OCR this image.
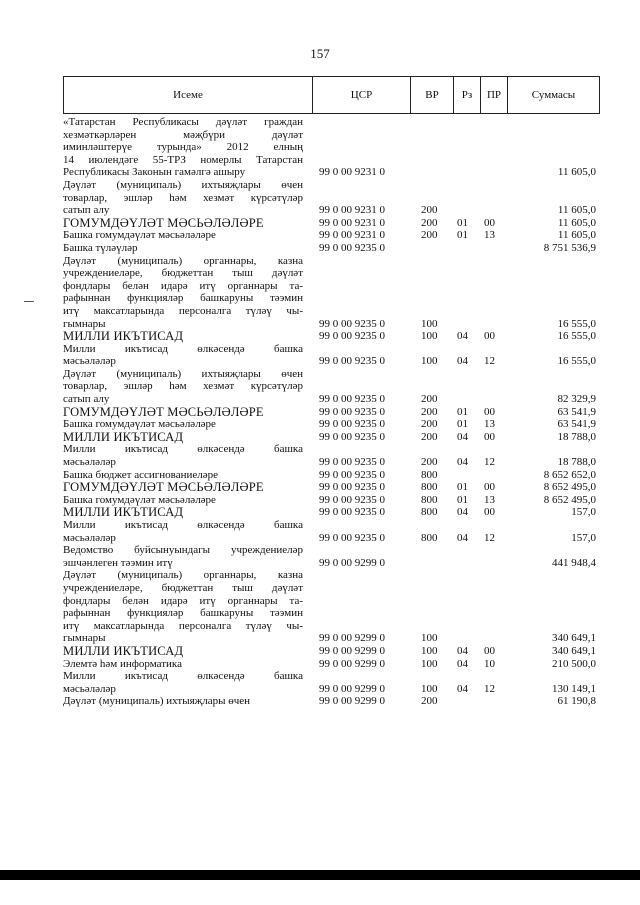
157
Исеме	ЦСР	ВР	Рз	ПР	Суммасы
«Татарстан Республикасы дәүләт граждан
хезмәткәрләрен мәҗбүри дәүләт
иминләштерүе турында» 2012 елның
14 июлендәге 55-ТРЗ номерлы Татарстан
Республикасы Законын гамәлгә ашыру	99 0 00 9231 0	11 605,0
Дәүләт (муниципаль) ихтыяҗлары өчен
товарлар, эшләр һәм хезмәт күрсәтүләр
сатып алу	99 0 00 9231 0	200	11 605,0
ГОМУМДӘҮЛӘТ МӘСЬӘЛӘЛӘРЕ	99 0 00 9231 0	200 01 00	11 605,0
Башка гомумдәүләт мәсьәләләре	99 0 00 9231 0	200 01 13	11 605,0
Башка түләүләр	99 0 00 9235 0	8 751 536,9
Дәүләт (муниципаль) органнары, казна
учреждениеләре, бюджеттан тыш дәүләт
фондлары белән идарә итү органнары та-
рафыннан функцияләр башкаруны тәэмин
итү максатларында персоналга түләү чы-
гымнары	99 0 00 9235 0	100	16 555,0
МИЛЛИ ИКЪТИСАД	99 0 00 9235 0	100 04 00	16 555,0
Милли икътисад өлкәсендә башка
мәсьәләләр	99 0 00 9235 0	100 04 12	16 555,0
Дәүләт (муниципаль) ихтыяҗлары өчен
товарлар, эшләр һәм хезмәт күрсәтүләр
сатып алу	99 0 00 9235 0	200	82 329,9
ГОМУМДӘҮЛӘТ МӘСЬӘЛӘЛӘРЕ	99 0 00 9235 0	200 01 00	63 541,9
Башка гомумдәүләт мәсьәләләре	99 0 00 9235 0	200 01 13	63 541,9
МИЛЛИ ИКЪТИСАД	99 0 00 9235 0	200 04 00	18 788,0
Милли икътисад өлкәсендә башка
мәсьәләләр	99 0 00 9235 0	200 04 12	18 788,0
Башка бюджет ассигнованиеләре	99 0 00 9235 0	800	8 652 652,0
ГОМУМДӘҮЛӘТ МӘСЬӘЛӘЛӘРЕ	99 0 00 9235 0	800 01 00	8 652 495,0
Башка гомумдәүләт мәсьәләләре	99 0 00 9235 0	800 01 13	8 652 495,0
МИЛЛИ ИКЪТИСАД	99 0 00 9235 0	800 04 00	157,0
Милли икътисад өлкәсендә башка
мәсьәләләр	99 0 00 9235 0	800 04 12	157,0
Ведомство буйсынуындагы учреждениеләр
эшчәнлеген тәэмин итү	99 0 00 9299 0	441 948,4
Дәүләт (муниципаль) органнары, казна
учреждениеләре, бюджеттан тыш дәүләт
фондлары белән идарә итү органнары та-
рафыннан функцияләр башкаруны тәэмин
итү максатларында персоналга түләү чы-
гымнары	99 0 00 9299 0	100	340 649,1
МИЛЛИ ИКЪТИСАД	99 0 00 9299 0	100 04 00	340 649,1
Элемтә һәм информатика	99 0 00 9299 0	100 04 10	210 500,0
Милли икътисад өлкәсендә башка
мәсьәләләр	99 0 00 9299 0	100 04 12	130 149,1
Дәүләт (муниципаль) ихтыяҗлары өчен	99 0 00 9299 0	200	61 190,8
